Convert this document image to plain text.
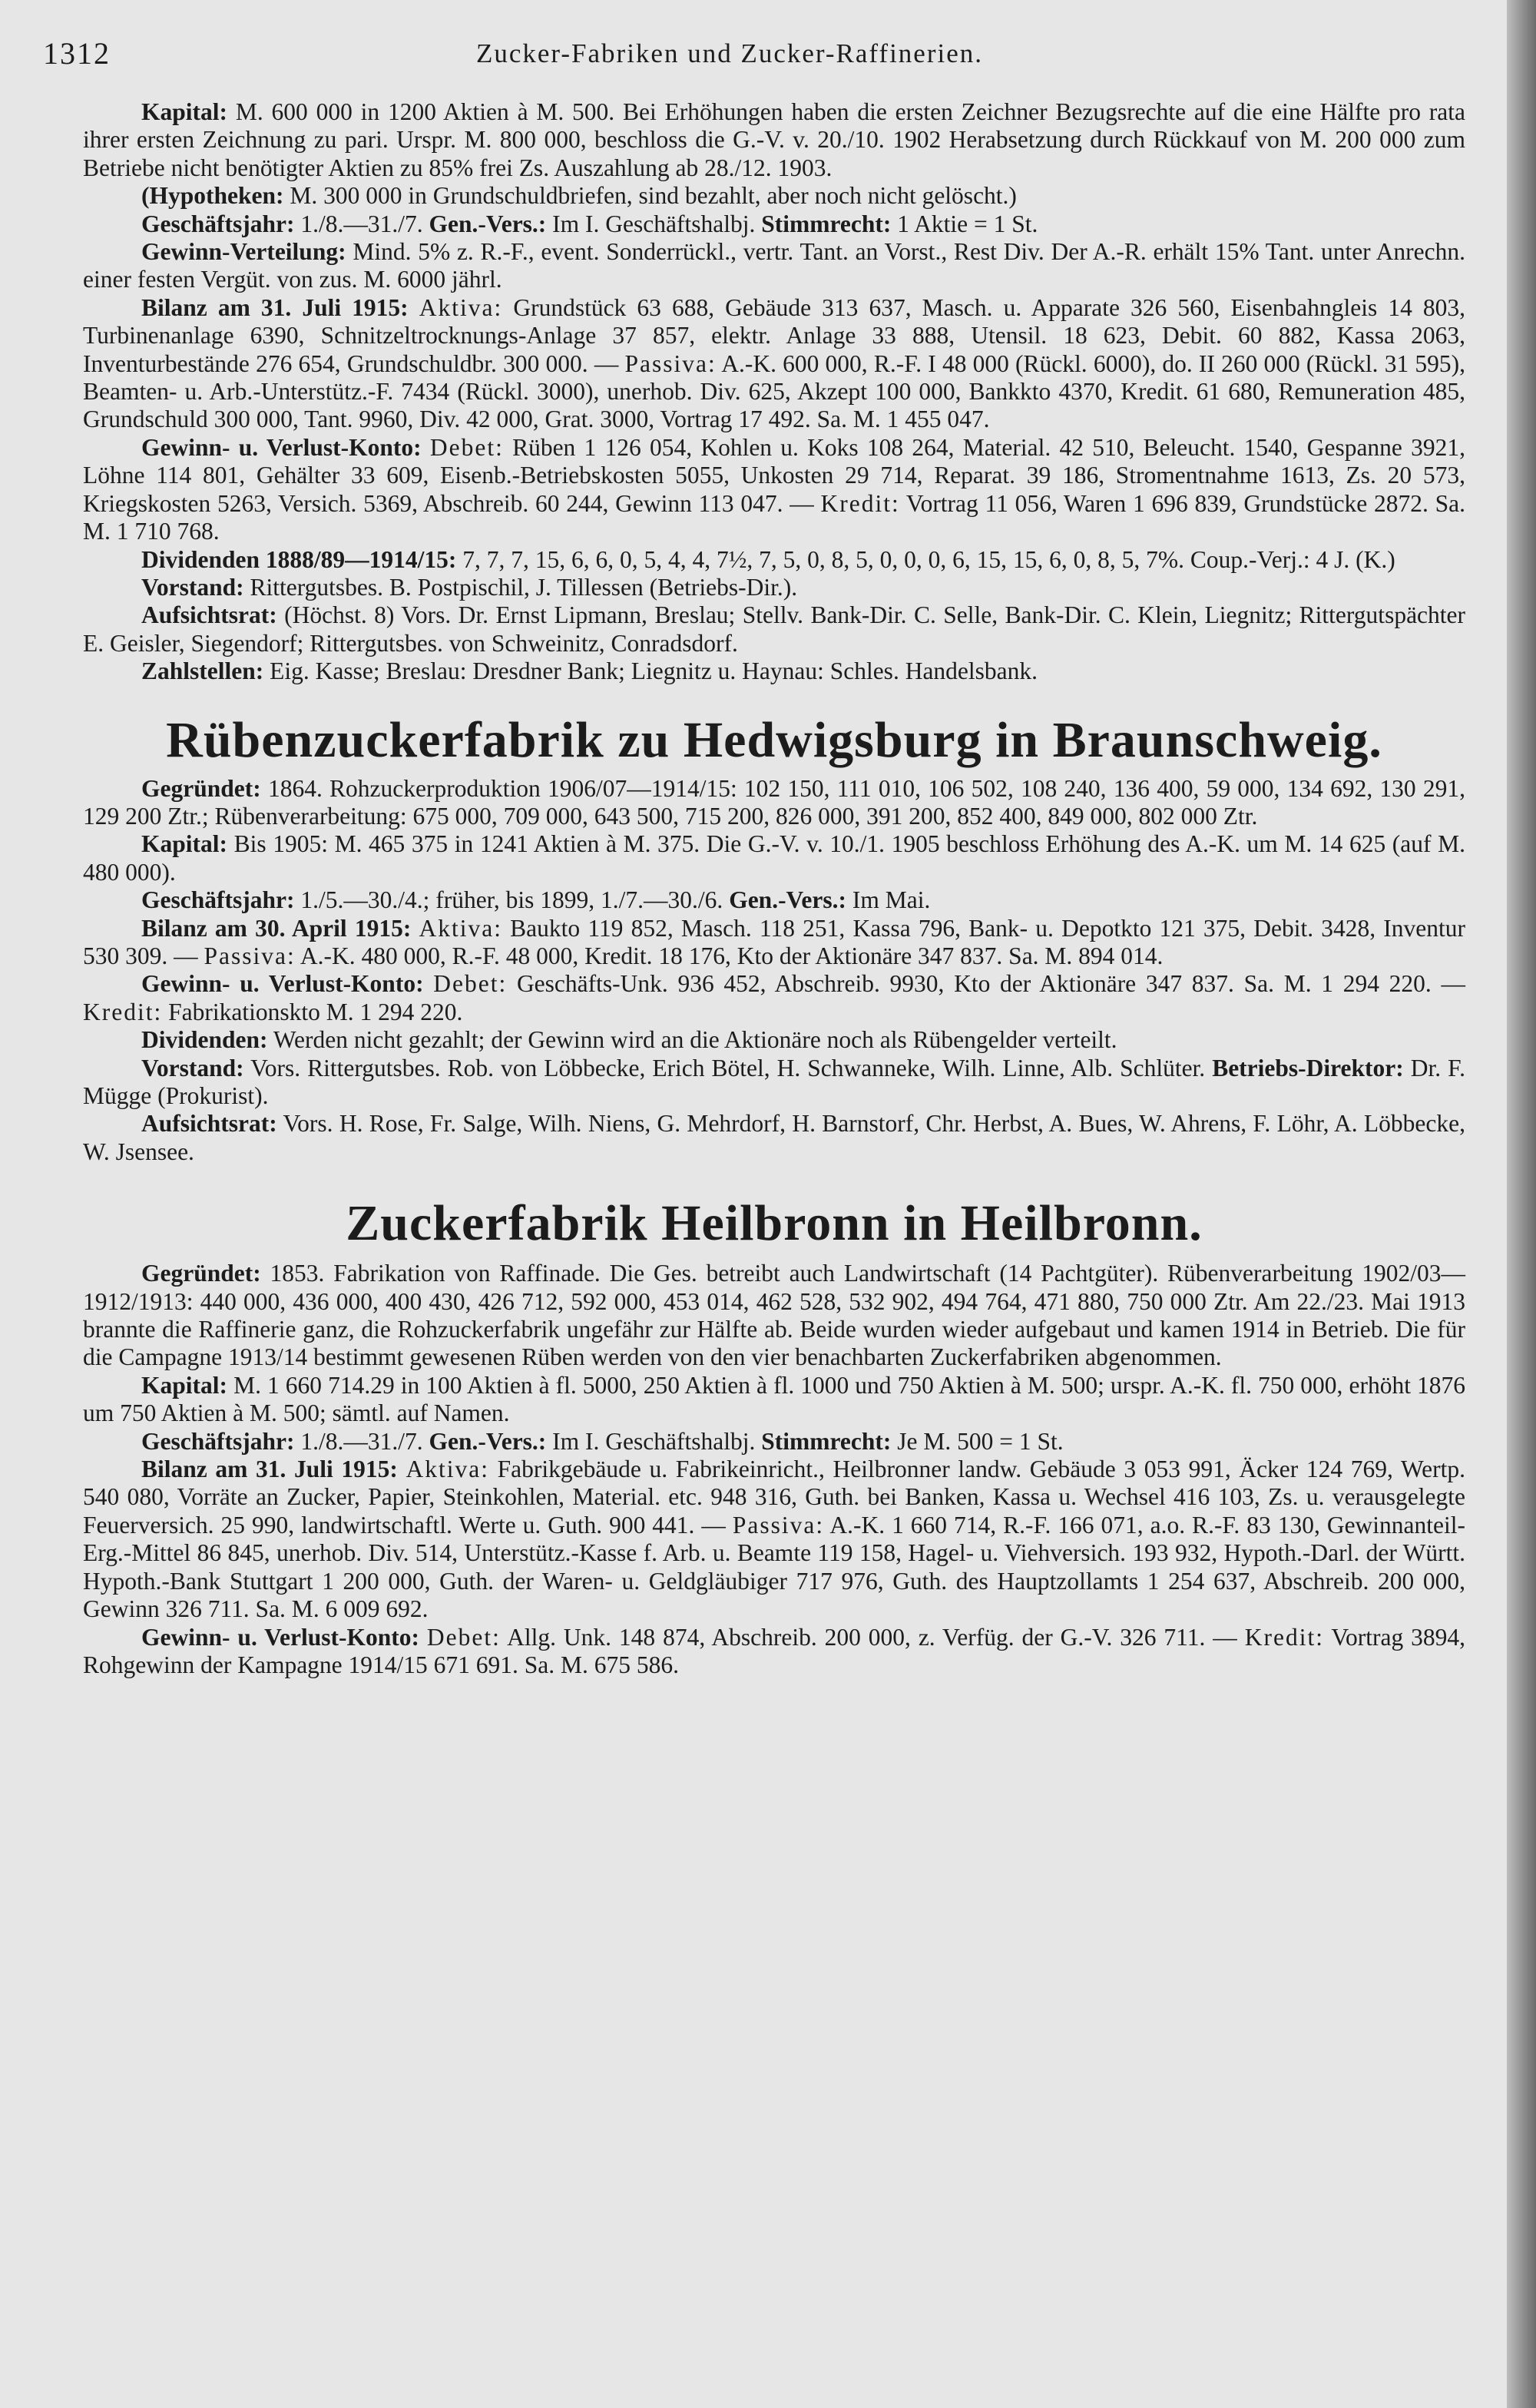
1312	Zucker-Fabriken und Zucker-Raffinerien.

Kapital: M. 600 000 in 1200 Aktien à M. 500. Bei Erhöhungen haben die ersten Zeichner Bezugsrechte auf die eine Hälfte pro rata ihrer ersten Zeichnung zu pari. Urspr. M. 800 000, beschloss die G.-V. v. 20./10. 1902 Herabsetzung durch Rückkauf von M. 200 000 zum Betriebe nicht benötigter Aktien zu 85% frei Zs. Auszahlung ab 28./12. 1903.

(Hypotheken: M. 300 000 in Grundschuldbriefen, sind bezahlt, aber noch nicht gelöscht.)

Geschäftsjahr: 1./8.—31./7. Gen.-Vers.: Im I. Geschäftshalbj. Stimmrecht: 1 Aktie = 1 St.

Gewinn-Verteilung: Mind. 5% z. R.-F., event. Sonderrückl., vertr. Tant. an Vorst., Rest Div. Der A.-R. erhält 15% Tant. unter Anrechn. einer festen Vergüt. von zus. M. 6000 jährl.

Bilanz am 31. Juli 1915: Aktiva: Grundstück 63 688, Gebäude 313 637, Masch. u. Apparate 326 560, Eisenbahngleis 14 803, Turbinenanlage 6390, Schnitzeltrocknungs-Anlage 37 857, elektr. Anlage 33 888, Utensil. 18 623, Debit. 60 882, Kassa 2063, Inventurbestände 276 654, Grundschuldbr. 300 000. — Passiva: A.-K. 600 000, R.-F. I 48 000 (Rückl. 6000), do. II 260 000 (Rückl. 31 595), Beamten- u. Arb.-Unterstütz.-F. 7434 (Rückl. 3000), unerhob. Div. 625, Akzept 100 000, Bankkto 4370, Kredit. 61 680, Remuneration 485, Grundschuld 300 000, Tant. 9960, Div. 42 000, Grat. 3000, Vortrag 17 492. Sa. M. 1 455 047.

Gewinn- u. Verlust-Konto: Debet: Rüben 1 126 054, Kohlen u. Koks 108 264, Material. 42 510, Beleucht. 1540, Gespanne 3921, Löhne 114 801, Gehälter 33 609, Eisenb.-Betriebskosten 5055, Unkosten 29 714, Reparat. 39 186, Stromentnahme 1613, Zs. 20 573, Kriegskosten 5263, Versich. 5369, Abschreib. 60 244, Gewinn 113 047. — Kredit: Vortrag 11 056, Waren 1 696 839, Grundstücke 2872. Sa. M. 1 710 768.

Dividenden 1888/89—1914/15: 7, 7, 7, 15, 6, 6, 0, 5, 4, 4, 7½, 7, 5, 0, 8, 5, 0, 0, 0, 6, 15, 15, 6, 0, 8, 5, 7%. Coup.-Verj.: 4 J. (K.)

Vorstand: Rittergutsbes. B. Postpischil, J. Tillessen (Betriebs-Dir.).

Aufsichtsrat: (Höchst. 8) Vors. Dr. Ernst Lipmann, Breslau; Stellv. Bank-Dir. C. Selle, Bank-Dir. C. Klein, Liegnitz; Rittergutspächter E. Geisler, Siegendorf; Rittergutsbes. von Schweinitz, Conradsdorf.

Zahlstellen: Eig. Kasse; Breslau: Dresdner Bank; Liegnitz u. Haynau: Schles. Handelsbank.

Rübenzuckerfabrik zu Hedwigsburg in Braunschweig.

Gegründet: 1864. Rohzuckerproduktion 1906/07—1914/15: 102 150, 111 010, 106 502, 108 240, 136 400, 59 000, 134 692, 130 291, 129 200 Ztr.; Rübenverarbeitung: 675 000, 709 000, 643 500, 715 200, 826 000, 391 200, 852 400, 849 000, 802 000 Ztr.

Kapital: Bis 1905: M. 465 375 in 1241 Aktien à M. 375. Die G.-V. v. 10./1. 1905 beschloss Erhöhung des A.-K. um M. 14 625 (auf M. 480 000).

Geschäftsjahr: 1./5.—30./4.; früher, bis 1899, 1./7.—30./6. Gen.-Vers.: Im Mai.

Bilanz am 30. April 1915: Aktiva: Baukto 119 852, Masch. 118 251, Kassa 796, Bank- u. Depotkto 121 375, Debit. 3428, Inventur 530 309. — Passiva: A.-K. 480 000, R.-F. 48 000, Kredit. 18 176, Kto der Aktionäre 347 837. Sa. M. 894 014.

Gewinn- u. Verlust-Konto: Debet: Geschäfts-Unk. 936 452, Abschreib. 9930, Kto der Aktionäre 347 837. Sa. M. 1 294 220. — Kredit: Fabrikationskto M. 1 294 220.

Dividenden: Werden nicht gezahlt; der Gewinn wird an die Aktionäre noch als Rübengelder verteilt.

Vorstand: Vors. Rittergutsbes. Rob. von Löbbecke, Erich Bötel, H. Schwanneke, Wilh. Linne, Alb. Schlüter. Betriebs-Direktor: Dr. F. Mügge (Prokurist).

Aufsichtsrat: Vors. H. Rose, Fr. Salge, Wilh. Niens, G. Mehrdorf, H. Barnstorf, Chr. Herbst, A. Bues, W. Ahrens, F. Löhr, A. Löbbecke, W. Jsensee.

Zuckerfabrik Heilbronn in Heilbronn.

Gegründet: 1853. Fabrikation von Raffinade. Die Ges. betreibt auch Landwirtschaft (14 Pachtgüter). Rübenverarbeitung 1902/03—1912/1913: 440 000, 436 000, 400 430, 426 712, 592 000, 453 014, 462 528, 532 902, 494 764, 471 880, 750 000 Ztr. Am 22./23. Mai 1913 brannte die Raffinerie ganz, die Rohzuckerfabrik ungefähr zur Hälfte ab. Beide wurden wieder aufgebaut und kamen 1914 in Betrieb. Die für die Campagne 1913/14 bestimmt gewesenen Rüben werden von den vier benachbarten Zuckerfabriken abgenommen.

Kapital: M. 1 660 714.29 in 100 Aktien à fl. 5000, 250 Aktien à fl. 1000 und 750 Aktien à M. 500; urspr. A.-K. fl. 750 000, erhöht 1876 um 750 Aktien à M. 500; sämtl. auf Namen.

Geschäftsjahr: 1./8.—31./7. Gen.-Vers.: Im I. Geschäftshalbj. Stimmrecht: Je M. 500 = 1 St.

Bilanz am 31. Juli 1915: Aktiva: Fabrikgebäude u. Fabrikeinricht., Heilbronner landw. Gebäude 3 053 991, Äcker 124 769, Wertp. 540 080, Vorräte an Zucker, Papier, Steinkohlen, Material. etc. 948 316, Guth. bei Banken, Kassa u. Wechsel 416 103, Zs. u. verausgelegte Feuerversich. 25 990, landwirtschaftl. Werte u. Guth. 900 441. — Passiva: A.-K. 1 660 714, R.-F. 166 071, a.o. R.-F. 83 130, Gewinnanteil-Erg.-Mittel 86 845, unerhob. Div. 514, Unterstütz.-Kasse f. Arb. u. Beamte 119 158, Hagel- u. Viehversich. 193 932, Hypoth.-Darl. der Württ. Hypoth.-Bank Stuttgart 1 200 000, Guth. der Waren- u. Geldgläubiger 717 976, Guth. des Hauptzollamts 1 254 637, Abschreib. 200 000, Gewinn 326 711. Sa. M. 6 009 692.

Gewinn- u. Verlust-Konto: Debet: Allg. Unk. 148 874, Abschreib. 200 000, z. Verfüg. der G.-V. 326 711. — Kredit: Vortrag 3894, Rohgewinn der Kampagne 1914/15 671 691. Sa. M. 675 586.
